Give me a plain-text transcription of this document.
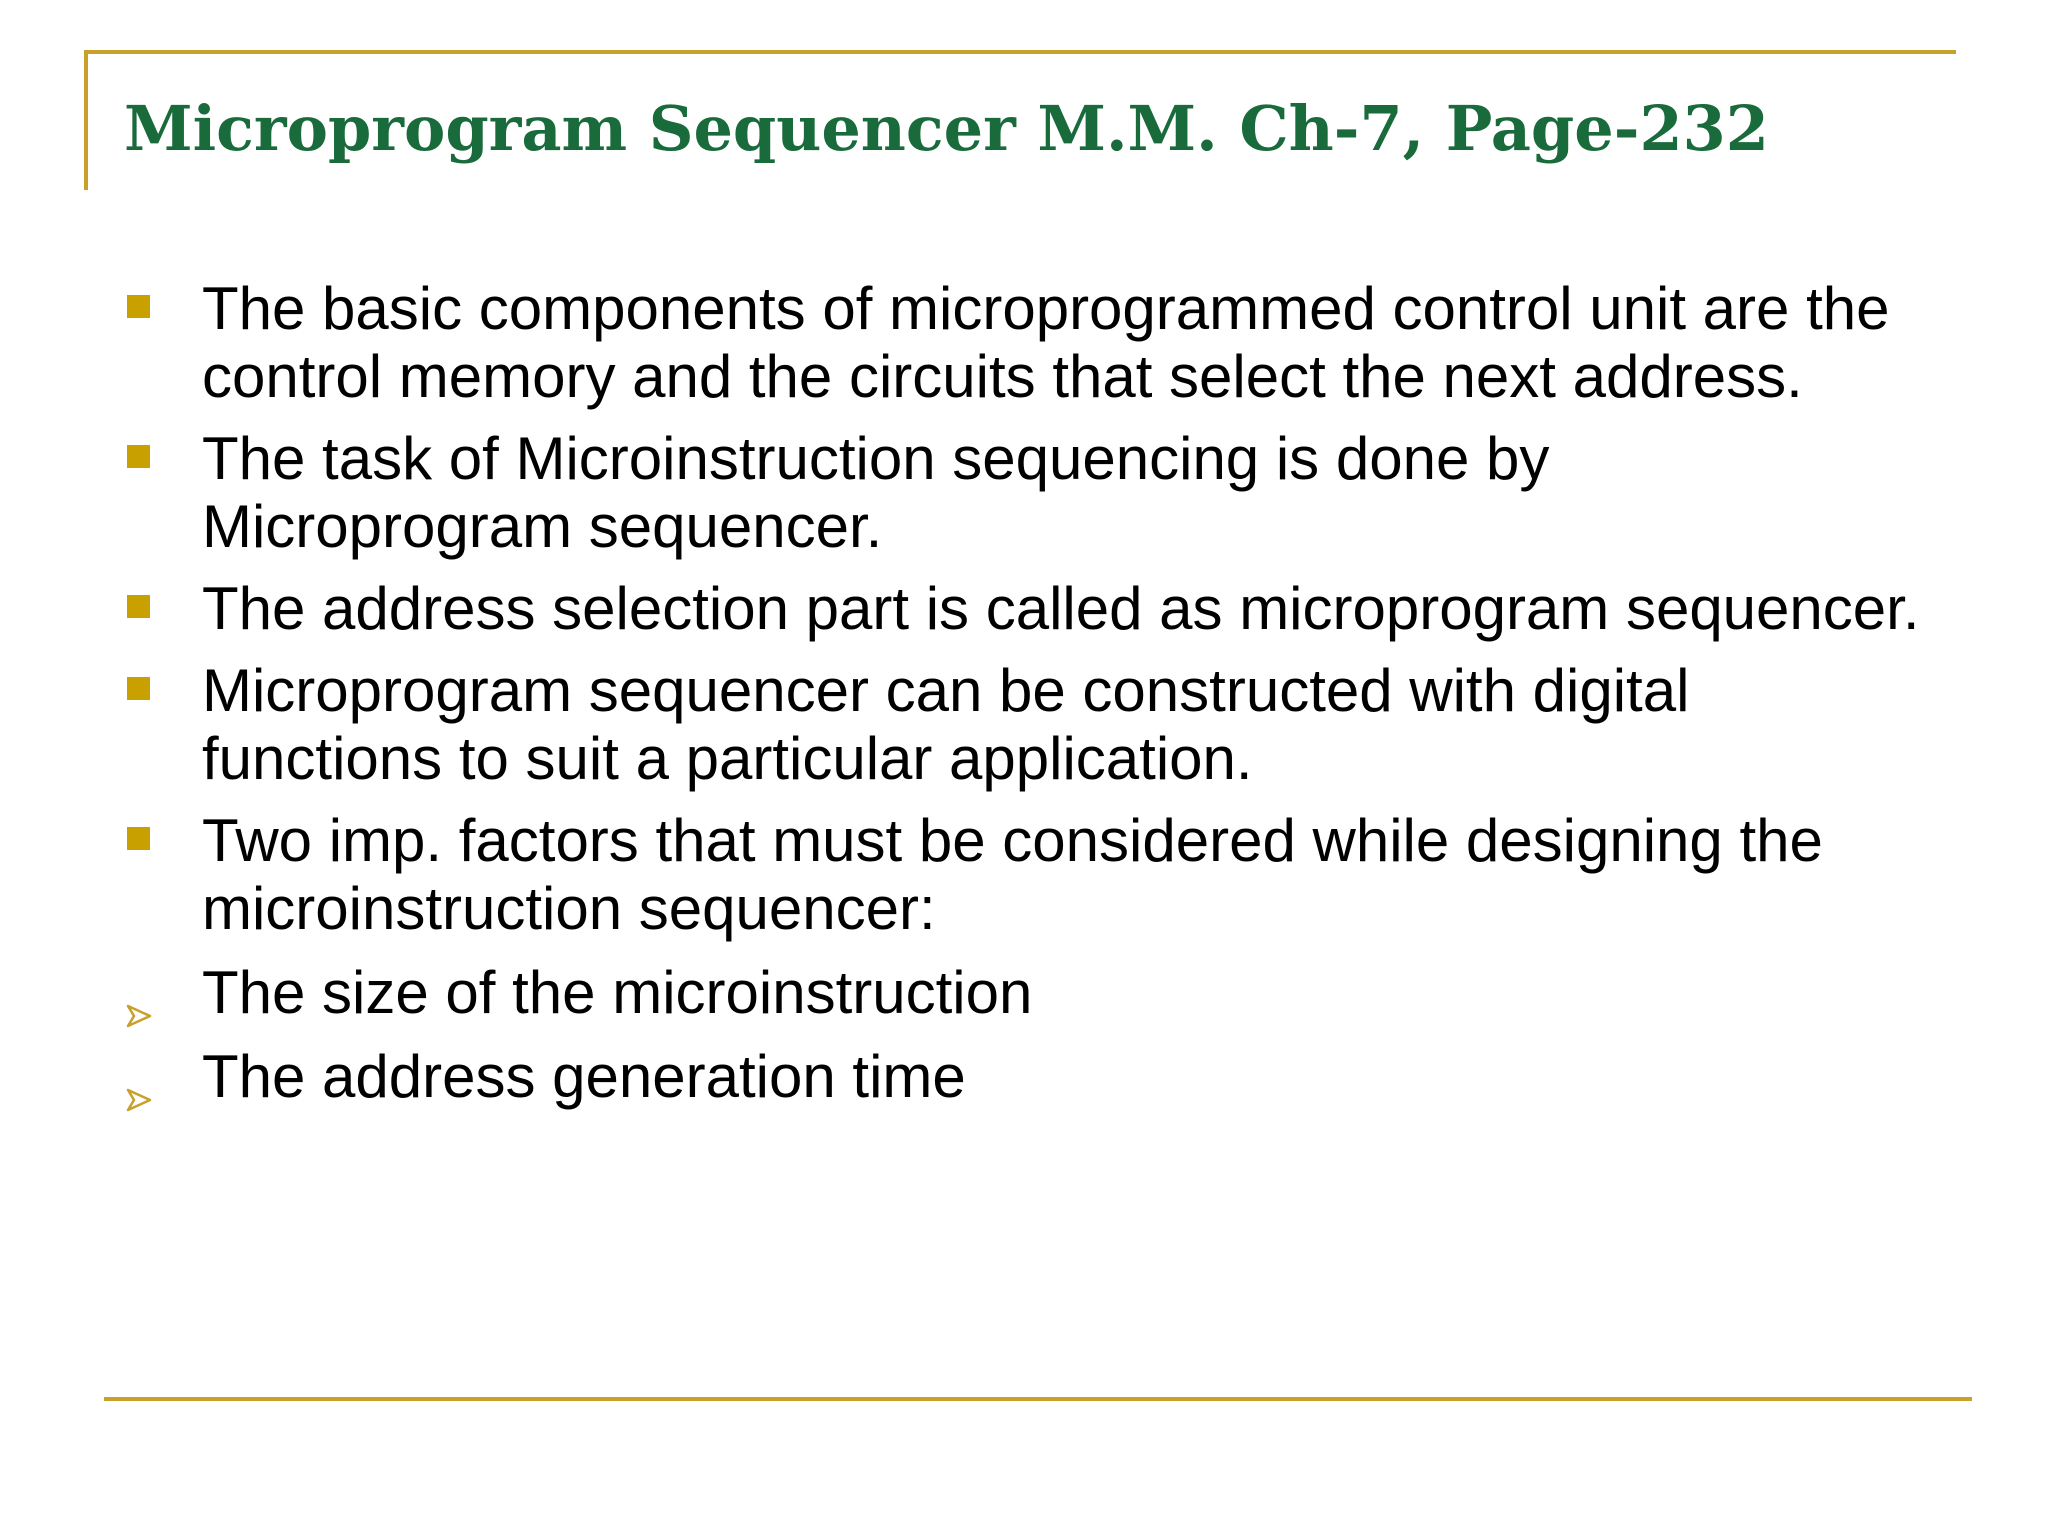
Microprogram Sequencer M.M. Ch-7, Page-232
The basic components of microprogrammed control unit are the control memory and the circuits that select the next address.
The task of Microinstruction sequencing is done by Microprogram sequencer.
The address selection part is called as microprogram sequencer.
Microprogram sequencer can be constructed with digital functions to suit a particular application.
Two imp. factors that must be considered while designing the microinstruction sequencer:
The size of the microinstruction
The address generation time
